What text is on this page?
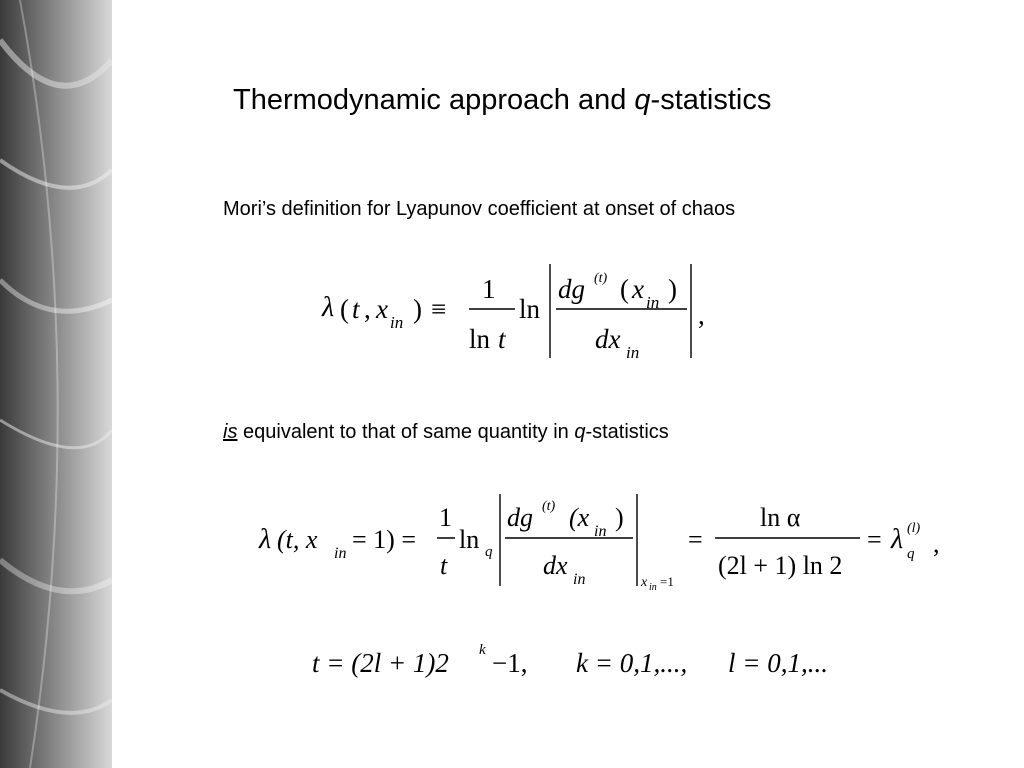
Thermodynamic approach and q-statistics
Mori’s definition for Lyapunov coefficient at onset of chaos
λ ( t , x in ) ≡
1
ln t
ln
dg (t) ( x in )
dx in
,
is equivalent to that of same quantity in q-statistics
λ (t, x in = 1) =
1
t
ln q
dg (t) (x in )
dx in	x in =1
=
ln α
(2l + 1) ln 2
= λ q
(l)
,
t = (2l + 1)2 k −1, k = 0,1,..., l = 0,1,...
